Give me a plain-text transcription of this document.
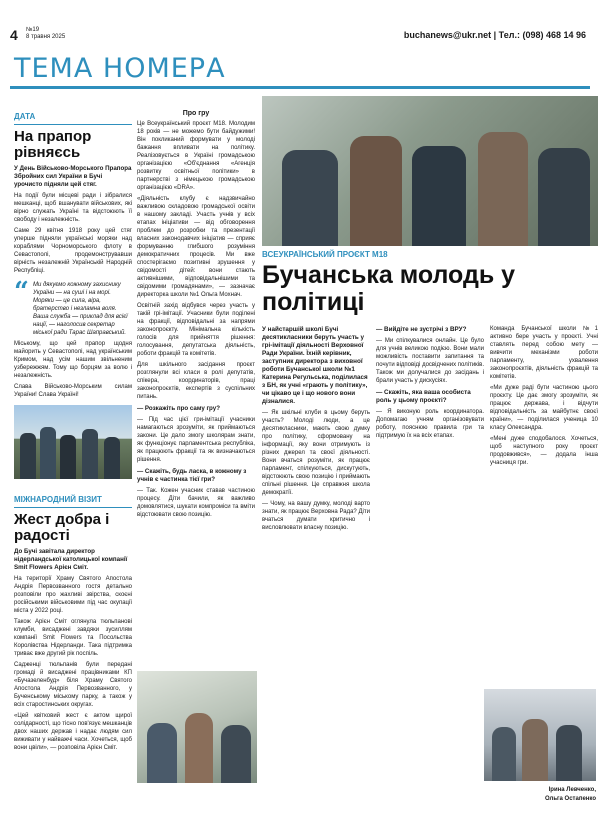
4 №19
8 травня 2025	buchanews@ukr.net | Тел.: (098) 468 14 96
ТЕМА НОМЕРА
ДАТА
На прапор рівняєсь
У День Військово-Морського Прапора Збройних сил України в Бучі урочисто підняли цей стяг.
На події були місцеві ради і зібралися мешканці, щоб вшанувати військових, які вірно служать Україні та відстоюють її свободу і незалежність.
Саме 29 квітня 1918 року цей стяг уперше підняли українські моряки над кораблями Чорноморського флоту в Севастополі, продемонструвавши вірність незалежній Українській Народній Республіці.
“ Ми дякуємо кожному захиснику України — на суші і на морі. Моряки — це сила, віра, братерство і незламна воля. Ваша служба — приклад для всієї нації, — наголосив секретар міської ради Тарас Шаправський.
Міському, що цей прапор щодня майорить у Севастополі, над українським Кримом, над усім нашим звільненим узбережжям. Тому що борцям за волю і незалежність.
Слава Військово-Морським силам України! Слава Україні!
МІЖНАРОДНИЙ ВІЗИТ
Жест добра і радості
До Бучі завітала директор нідерландської католицької компанії Smit Flowers Арієн Сміт.
На території Храму Святого Апостола Андрія Первозванного гостя детально розповіли про жахливі звірства, скоєні російськими військовими під час окупації міста у 2022 році.
Також Арієн Сміт оглянула тюльпанові клумби, висаджені завдяки зусиллям компанії Smit Flowers та Посольства Королівства Нідерланди. Така підтримка триває вже другий рік поспіль.
Садженці тюльпанів були передані громаді й висаджені працівниками КП «Бучазеленбуд» біля Храму Святого Апостола Андрія Первозванного, у Бученському міському парку, а також у всіх старостинських округах.
«Цей квітковий жест є актом щирої солідарності, що тісно пов'язує мешканців двох наших держав і надає людям сил виживати у найважчі часи. Хочеться, щоб вони цвіли», — розповіла Арієн Сміт.
Про гру
Це Всеукраїнський проєкт М18. Молодим 18 років — не можемо бути байдужими! Він покликаний формувати у молоді бажання впливати на політику. Реалізовується в Україні громадською організацією «Об'єднання «Агенція розвитку освітньої політики» в партнерстві з німецькою громадською організацією «DRA».
«Діяльність клубу є надзвичайно важливою складовою громадської освіти в нашому закладі. Участь учнів у всіх етапах ініціативи — від обговорення проблем до розробки та презентації власних законодавчих ініціатив — сприяє формуванню глибшого розуміння демократичних процесів. Ми вже спостерігаємо позитивні зрушення у свідомості дітей: вони стають активнішими, відповідальнішими та свідомими громадянами», — зазначає директорка школи №1 Ольга Мохнач.
Освітній захід відбувся через участь у такій грі-імітації. Учасники були поділені на фракції, відповідальні за напрями законопроєкту. Мінімальна кількість голосів для прийняття рішення: голосування, депутатська діяльність, роботи фракцій та комітетів.
Для шкільного засідання проєкт розглянули всі класи в ролі депутатів, спікера, координаторів, праці законопроєктів, експертів з суспільних питань.
— Розкажіть про саму гру?
— Під час цієї гри-імітації учасники намагаються зрозуміти, як приймаються закони. Це дало змогу школярам знати, як функціонує парламентська республіка, як працюють фракції та як визначаються рішення.
— Скажіть, будь ласка, в кожному з учнів є частинка тієї гри?
— Так. Кожен учасник ставав частиною процесу. Діти бачили, як важливо домовлятися, шукати компроміси та вміти відстоювати свою позицію.
ВСЕУКРАЇНСЬКИЙ ПРОЄКТ М18
Бучанська молодь у політиці
У найстаршій школі Бучі десятикласники беруть участь у грі-імітації діяльності Верховної Ради України. Їхній керівник, заступник директора з виховної роботи Бучанської школи №1 Катерина Регульська, поділилася з БН, як учні «грають у політику», чи цікаво це і що нового вони дізналися.
— Як шкільні клуби в цьому беруть участь? Молоді люди, а це десятикласники, мають свою думку про політику, сформовану на інформації, яку вони отримують із різних джерел та своєї діяльності. Вони вчаться розуміти, як працює парламент, спілкуються, дискутують, відстоюють свою позицію і приймають спільні рішення. Це справжня школа демократії.
— Чому, на вашу думку, молоді варто знати, як працює Верховна Рада? Діти вчаться думати критично і висловлювати власну позицію.
— Вийдіте не зустрічі з ВРУ?
— Ми спілкувалися онлайн. Це було для учнів великою подією. Вони мали можливість поставити запитання та почути відповіді досвідчених політиків. Також ми долучалися до засідань і брали участь у дискусіях.
— Скажіть, яка ваша особиста роль у цьому проєкті?
— Я виконую роль координатора. Допомагаю учням організовувати роботу, пояснюю правила гри та підтримую їх на всіх етапах.
Команда Бучанської школи №1 активно бере участь у проєкті. Учні ставлять перед собою мету — вивчити механізми роботи парламенту, ухвалення законопроєктів, діяльність фракцій та комітетів.
«Ми дуже раді бути частиною цього проєкту. Це дає змогу зрозуміти, як працює держава, і відчути відповідальність за майбутнє своєї країни», — поділилася ученица 10 класу Олександра.
«Мені дуже сподобалося. Хочеться, щоб наступного року проєкт продовжився», — додала інша учасниця гри.
Ірина Левченко,
Ольга Остапенко
